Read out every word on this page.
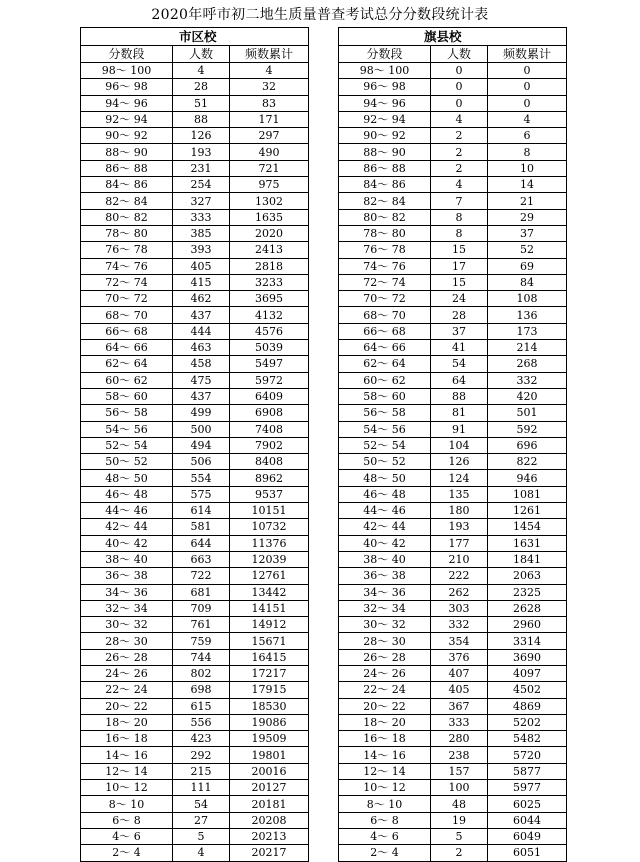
2020年呼市初二地生质量普查考试总分分数段统计表
市区校		
分数段	人数	频数累计
98～ 100	4	4
96～ 98	28	32
94～ 96	51	83
92～ 94	88	171
90～ 92	126	297
88～ 90	193	490
86～ 88	231	721
84～ 86	254	975
82～ 84	327	1302
80～ 82	333	1635
78～ 80	385	2020
76～ 78	393	2413
74～ 76	405	2818
72～ 74	415	3233
70～ 72	462	3695
68～ 70	437	4132
66～ 68	444	4576
64～ 66	463	5039
62～ 64	458	5497
60～ 62	475	5972
58～ 60	437	6409
56～ 58	499	6908
54～ 56	500	7408
52～ 54	494	7902
50～ 52	506	8408
48～ 50	554	8962
46～ 48	575	9537
44～ 46	614	10151
42～ 44	581	10732
40～ 42	644	11376
38～ 40	663	12039
36～ 38	722	12761
34～ 36	681	13442
32～ 34	709	14151
30～ 32	761	14912
28～ 30	759	15671
26～ 28	744	16415
24～ 26	802	17217
22～ 24	698	17915
20～ 22	615	18530
18～ 20	556	19086
16～ 18	423	19509
14～ 16	292	19801
12～ 14	215	20016
10～ 12	111	20127
8～ 10	54	20181
6～ 8	27	20208
4～ 6	5	20213
2～ 4	4	20217
旗县校		
分数段	人数	频数累计
98～ 100	0	0
96～ 98	0	0
94～ 96	0	0
92～ 94	4	4
90～ 92	2	6
88～ 90	2	8
86～ 88	2	10
84～ 86	4	14
82～ 84	7	21
80～ 82	8	29
78～ 80	8	37
76～ 78	15	52
74～ 76	17	69
72～ 74	15	84
70～ 72	24	108
68～ 70	28	136
66～ 68	37	173
64～ 66	41	214
62～ 64	54	268
60～ 62	64	332
58～ 60	88	420
56～ 58	81	501
54～ 56	91	592
52～ 54	104	696
50～ 52	126	822
48～ 50	124	946
46～ 48	135	1081
44～ 46	180	1261
42～ 44	193	1454
40～ 42	177	1631
38～ 40	210	1841
36～ 38	222	2063
34～ 36	262	2325
32～ 34	303	2628
30～ 32	332	2960
28～ 30	354	3314
26～ 28	376	3690
24～ 26	407	4097
22～ 24	405	4502
20～ 22	367	4869
18～ 20	333	5202
16～ 18	280	5482
14～ 16	238	5720
12～ 14	157	5877
10～ 12	100	5977
8～ 10	48	6025
6～ 8	19	6044
4～ 6	5	6049
2～ 4	2	6051
